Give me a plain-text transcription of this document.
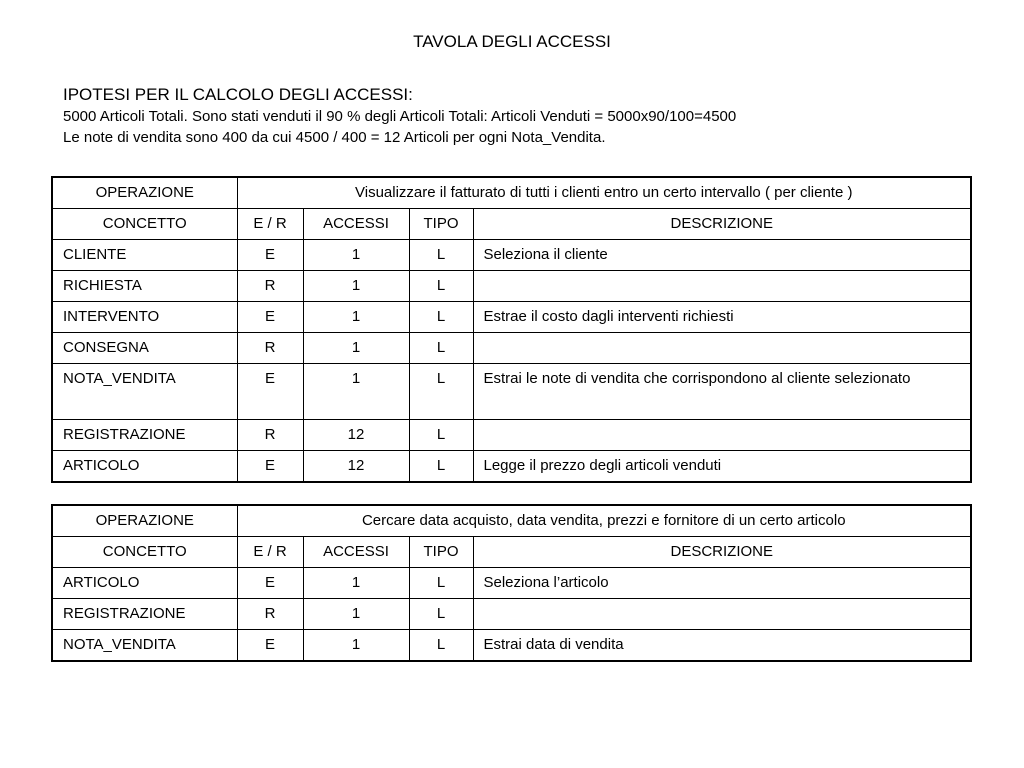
TAVOLA DEGLI ACCESSI
IPOTESI PER IL CALCOLO DEGLI ACCESSI:
5000 Articoli Totali. Sono stati venduti il 90 % degli Articoli Totali: Articoli Venduti = 5000x90/100=4500
Le note di vendita sono 400 da cui 4500 / 400 = 12 Articoli per ogni Nota_Vendita.
OPERAZIONE	Visualizzare il fatturato di tutti i clienti entro un certo intervallo ( per cliente )			
CONCETTO	E / R	ACCESSI	TIPO	DESCRIZIONE
CLIENTE	E	1	L	Seleziona il cliente
RICHIESTA	R	1	L	
INTERVENTO	E	1	L	Estrae il costo dagli interventi richiesti
CONSEGNA	R	1	L	
NOTA_VENDITA	E	1	L	Estrai le note di vendita che corrispondono al cliente selezionato
REGISTRAZIONE	R	12	L	
ARTICOLO	E	12	L	Legge il prezzo degli articoli venduti
OPERAZIONE	Cercare data acquisto, data vendita, prezzi e fornitore di un certo articolo			
CONCETTO	E / R	ACCESSI	TIPO	DESCRIZIONE
ARTICOLO	E	1	L	Seleziona l’articolo
REGISTRAZIONE	R	1	L	
NOTA_VENDITA	E	1	L	Estrai data di vendita
